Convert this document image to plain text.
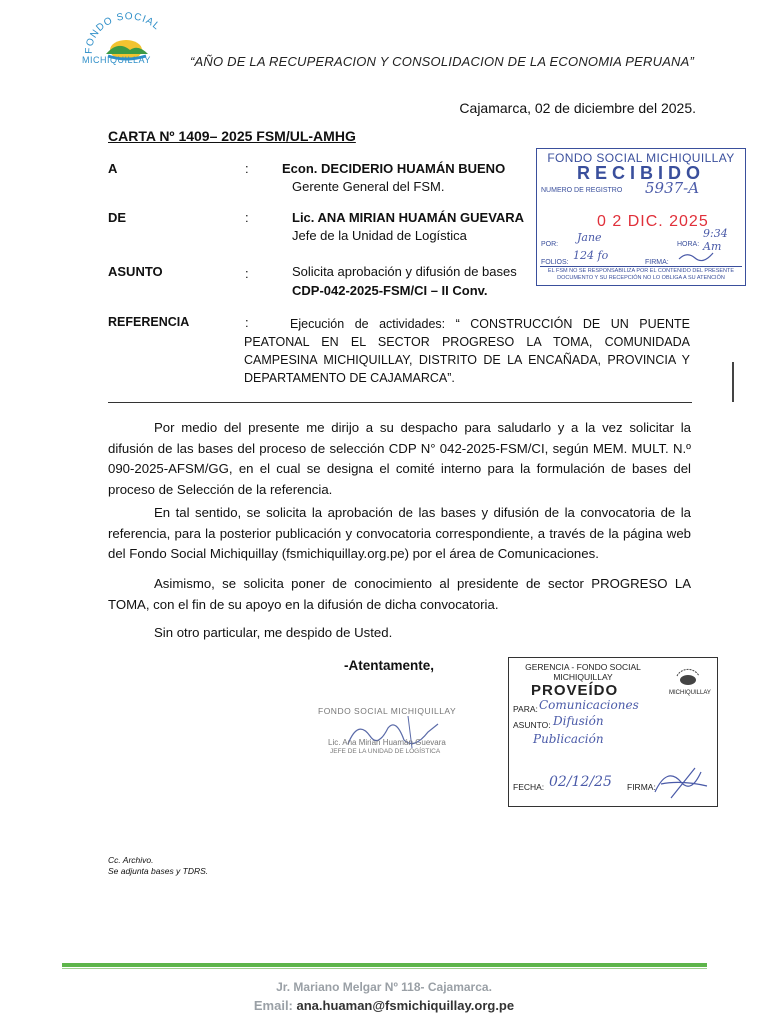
FONDO SOCIAL
MICHIQUILLAY	“AÑO DE LA RECUPERACION Y CONSOLIDACION DE LA ECONOMIA PERUANA”
Cajamarca, 02 de diciembre del 2025.
CARTA Nº 1409– 2025 FSM/UL-AMHG
A	:	Econ. DECIDERIO HUAMÁN BUENO
Gerente General del FSM.
DE	:	Lic. ANA MIRIAN HUAMÁN GUEVARA
Jefe de la Unidad de Logística
ASUNTO	:	Solicita aprobación y difusión de bases
CDP-042-2025-FSM/CI – II Conv.
REFERENCIA	:	Ejecución de actividades: “ CONSTRUCCIÓN DE UN PUENTE PEATONAL EN EL SECTOR PROGRESO LA TOMA, COMUNIDADA CAMPESINA MICHIQUILLAY, DISTRITO DE LA ENCAÑADA, PROVINCIA Y DEPARTAMENTO DE CAJAMARCA”.
Por medio del presente me dirijo a su despacho para saludarlo y a la vez solicitar la difusión de las bases del proceso de selección CDP N° 042-2025-FSM/CI, según MEM. MULT. N.º 090-2025-AFSM/GG, en el cual se designa el comité interno para la formulación de bases del proceso de Selección de la referencia.
En tal sentido, se solicita la aprobación de las bases y difusión de la convocatoria de la referencia, para la posterior publicación y convocatoria correspondiente, a través de la página web del Fondo Social Michiquillay (fsmichiquillay.org.pe) por el área de Comunicaciones.
Asimismo, se solicita poner de conocimiento al presidente de sector PROGRESO LA TOMA, con el fin de su apoyo en la difusión de dicha convocatoria.
Sin otro particular, me despido de Usted.
-Atentamente,
FONDO SOCIAL MICHIQUILLAY
RECIBIDO
NUMERO DE REGISTRO 5937-A
0 2 DIC. 2025
POR:
Jane
HORA:
9:34 Am
FOLIOS:
124 fo
FIRMA:
EL FSM NO SE RESPONSABILIZA POR EL CONTENIDO DEL PRESENTE DOCUMENTO Y SU RECEPCIÓN NO LO OBLIGA A SU ATENCIÓN
FONDO SOCIAL MICHIQUILLAY
Lic. Ana Mirian Huamán Guevara
JEFE DE LA UNIDAD DE LOGÍSTICA
GERENCIA - FONDO SOCIAL MICHIQUILLAY
PROVEÍDO	MICHIQUILLAY
PARA: Comunicaciones
ASUNTO: Difusión
Publicación
FECHA: 02/12/25 FIRMA:
Cc. Archivo.
Se adjunta bases y TDRS.
Jr. Mariano Melgar Nº 118- Cajamarca.
Email: ana.huaman@fsmichiquillay.org.pe
